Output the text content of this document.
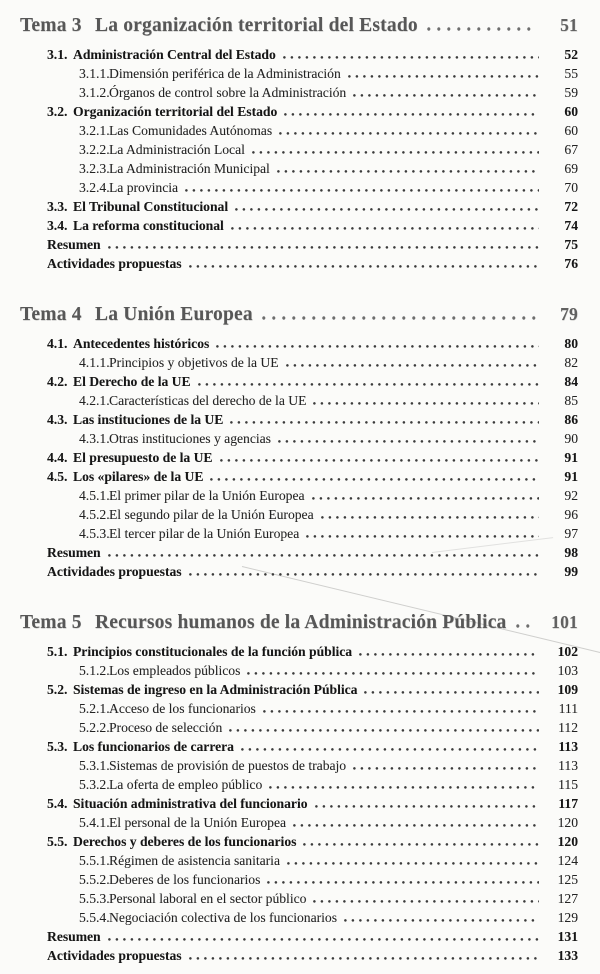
Tema 3 La organización territorial del Estado	51
3.1. Administración Central del Estado	52
3.1.1. Dimensión periférica de la Administración	55
3.1.2. Órganos de control sobre la Administración	59
3.2. Organización territorial del Estado	60
3.2.1. Las Comunidades Autónomas	60
3.2.2. La Administración Local	67
3.2.3. La Administración Municipal	69
3.2.4. La provincia	70
3.3. El Tribunal Constitucional	72
3.4. La reforma constitucional	74
Resumen	75
Actividades propuestas	76
Tema 4 La Unión Europea	79
4.1. Antecedentes históricos	80
4.1.1. Principios y objetivos de la UE	82
4.2. El Derecho de la UE	84
4.2.1. Características del derecho de la UE	85
4.3. Las instituciones de la UE	86
4.3.1. Otras instituciones y agencias	90
4.4. El presupuesto de la UE	91
4.5. Los «pilares» de la UE	91
4.5.1. El primer pilar de la Unión Europea	92
4.5.2. El segundo pilar de la Unión Europea	96
4.5.3. El tercer pilar de la Unión Europea	97
Resumen	98
Actividades propuestas	99
Tema 5 Recursos humanos de la Administración Pública	101
5.1. Principios constitucionales de la función pública	102
5.1.2. Los empleados públicos	103
5.2. Sistemas de ingreso en la Administración Pública	109
5.2.1. Acceso de los funcionarios	111
5.2.2. Proceso de selección	112
5.3. Los funcionarios de carrera	113
5.3.1. Sistemas de provisión de puestos de trabajo	113
5.3.2. La oferta de empleo público	115
5.4. Situación administrativa del funcionario	117
5.4.1. El personal de la Unión Europea	120
5.5. Derechos y deberes de los funcionarios	120
5.5.1. Régimen de asistencia sanitaria	124
5.5.2. Deberes de los funcionarios	125
5.5.3. Personal laboral en el sector público	127
5.5.4. Negociación colectiva de los funcionarios	129
Resumen	131
Actividades propuestas	133
